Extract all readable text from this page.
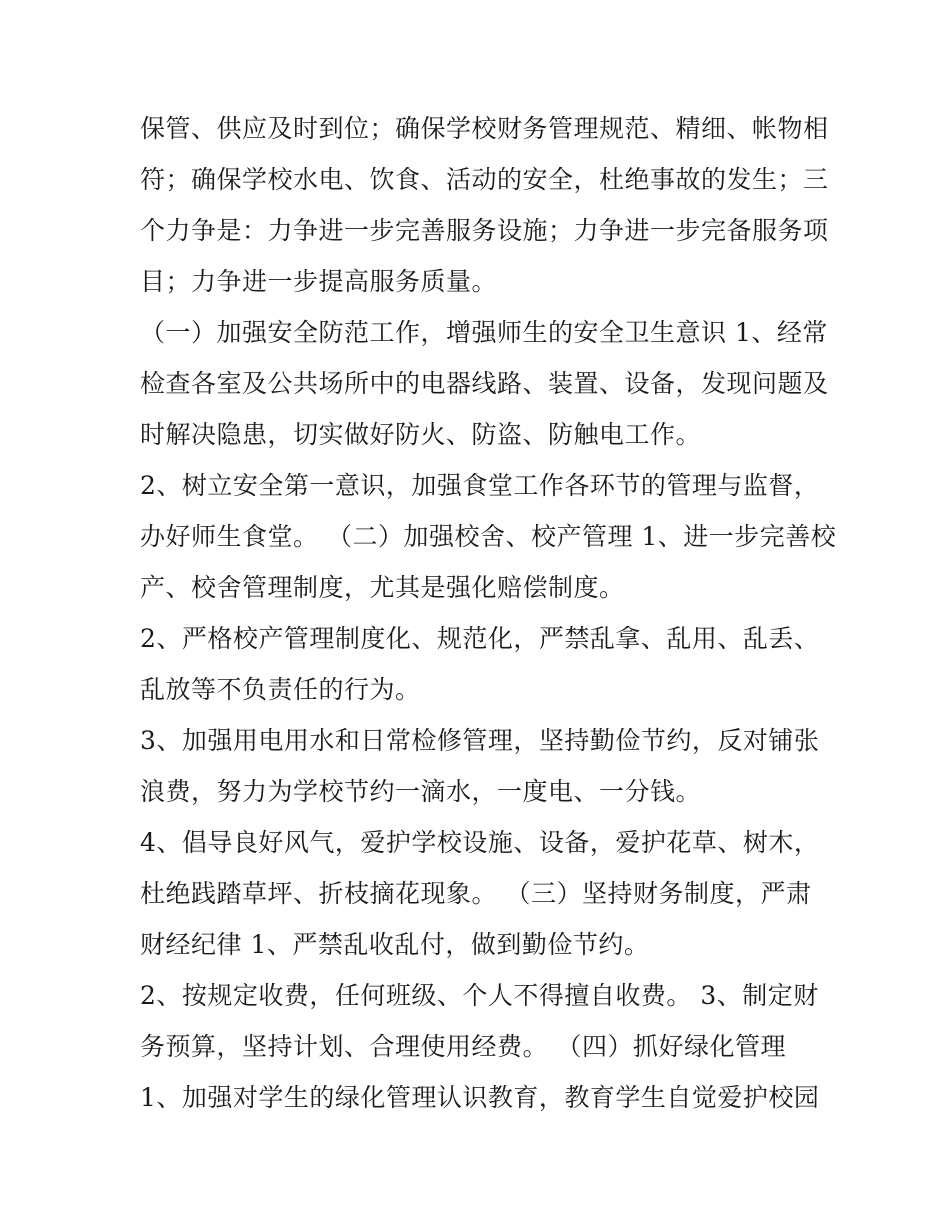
保管、供应及时到位；确保学校财务管理规范、精细、帐物相
符；确保学校水电、饮食、活动的安全，杜绝事故的发生；三
个力争是：力争进一步完善服务设施；力争进一步完备服务项
目；力争进一步提高服务质量。
（一）加强安全防范工作，增强师生的安全卫生意识 1、经常
检查各室及公共场所中的电器线路、装置、设备，发现问题及
时解决隐患，切实做好防火、防盗、防触电工作。
2、树立安全第一意识，加强食堂工作各环节的管理与监督，
办好师生食堂。 （二）加强校舍、校产管理 1、进一步完善校
产、校舍管理制度，尤其是强化赔偿制度。
2、严格校产管理制度化、规范化，严禁乱拿、乱用、乱丢、
乱放等不负责任的行为。
3、加强用电用水和日常检修管理，坚持勤俭节约，反对铺张
浪费，努力为学校节约一滴水，一度电、一分钱。
4、倡导良好风气，爱护学校设施、设备，爱护花草、树木，
杜绝践踏草坪、折枝摘花现象。 （三）坚持财务制度，严肃
财经纪律 1、严禁乱收乱付，做到勤俭节约。
2、按规定收费，任何班级、个人不得擅自收费。 3、制定财
务预算，坚持计划、合理使用经费。 （四）抓好绿化管理
1、加强对学生的绿化管理认识教育，教育学生自觉爱护校园
